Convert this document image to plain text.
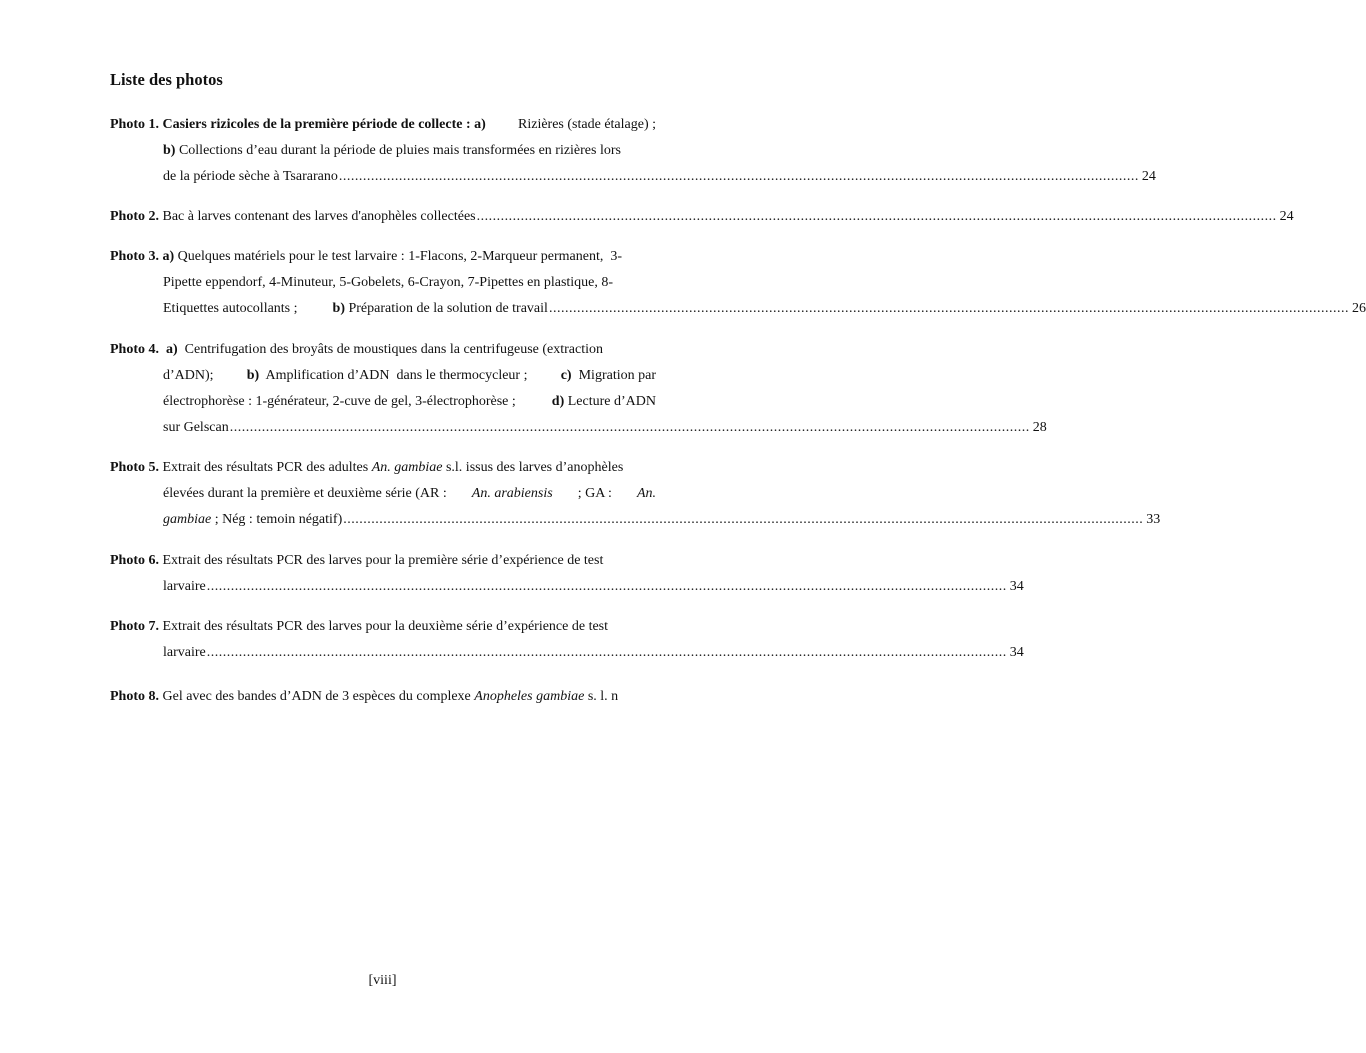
Liste des photos
Photo 1. Casiers rizicoles de la première période de collecte : a) Rizières (stade étalage) ;
b) Collections d’eau durant la période de pluies mais transformées en rizières lors
de la période sèche à Tsararano ........................................................................................................................................................................................................ 24
Photo 2. Bac à larves contenant des larves d'anophèles collectées ........................................................................................................................................................................................................ 24
Photo 3. a) Quelques matériels pour le test larvaire : 1-Flacons, 2-Marqueur permanent,  3-
Pipette eppendorf, 4-Minuteur, 5-Gobelets, 6-Crayon, 7-Pipettes en plastique, 8-
Etiquettes autocollants ;	b) Préparation de la solution de travail ........................................................................................................................................................................................................ 26
Photo 4. a) Centrifugation des broyâts de moustiques dans la centrifugeuse (extraction
d’ADN); b) Amplification d’ADN  dans le thermocycleur ; c) Migration par
électrophorèse : 1-générateur, 2-cuve de gel, 3-électrophorèse ;	d) Lecture d’ADN
sur Gelscan ........................................................................................................................................................................................................ 28
Photo 5. Extrait des résultats PCR des adultes An. gambiae s.l. issus des larves d’anophèles
élevées durant la première et deuxième série (AR : An. arabiensis ; GA : An.
gambiae ; Nég : temoin négatif) ........................................................................................................................................................................................................ 33
Photo 6. Extrait des résultats PCR des larves pour la première série d’expérience de test
larvaire ........................................................................................................................................................................................................ 34
Photo 7. Extrait des résultats PCR des larves pour la deuxième série d’expérience de test
larvaire ........................................................................................................................................................................................................ 34
Photo 8. Gel avec des bandes d’ADN de 3 espèces du complexe Anopheles gambiae s. l. n
[viii]
